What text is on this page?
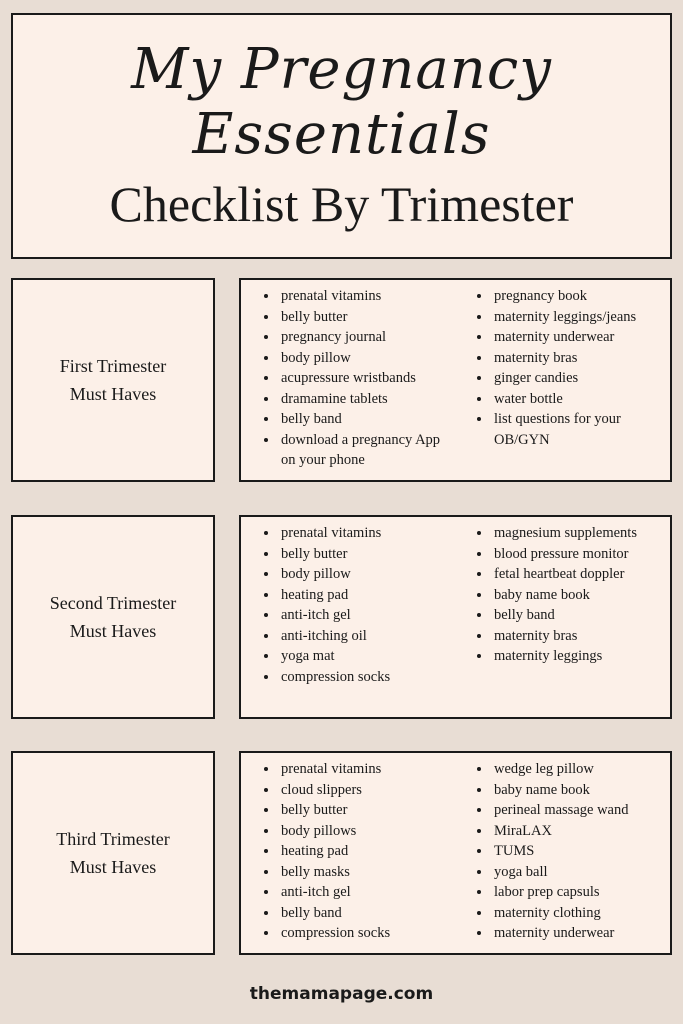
My Pregnancy Essentials
Checklist By Trimester
First Trimester
Must Haves
• prenatal vitamins
• belly butter
• pregnancy journal
• body pillow
• acupressure wristbands
• dramamine tablets
• belly band
• download a pregnancy App on your phone
• pregnancy book
• maternity leggings/jeans
• maternity underwear
• maternity bras
• ginger candies
• water bottle
• list questions for your OB/GYN
Second Trimester
Must Haves
• prenatal vitamins
• belly butter
• body pillow
• heating pad
• anti-itch gel
• anti-itching oil
• yoga mat
• compression socks
• magnesium supplements
• blood pressure monitor
• fetal heartbeat doppler
• baby name book
• belly band
• maternity bras
• maternity leggings
Third Trimester
Must Haves
• prenatal vitamins
• cloud slippers
• belly butter
• body pillows
• heating pad
• belly masks
• anti-itch gel
• belly band
• compression socks
• wedge leg pillow
• baby name book
• perineal massage wand
• MiraLAX
• TUMS
• yoga ball
• labor prep capsuls
• maternity clothing
• maternity underwear
themamapage.com
